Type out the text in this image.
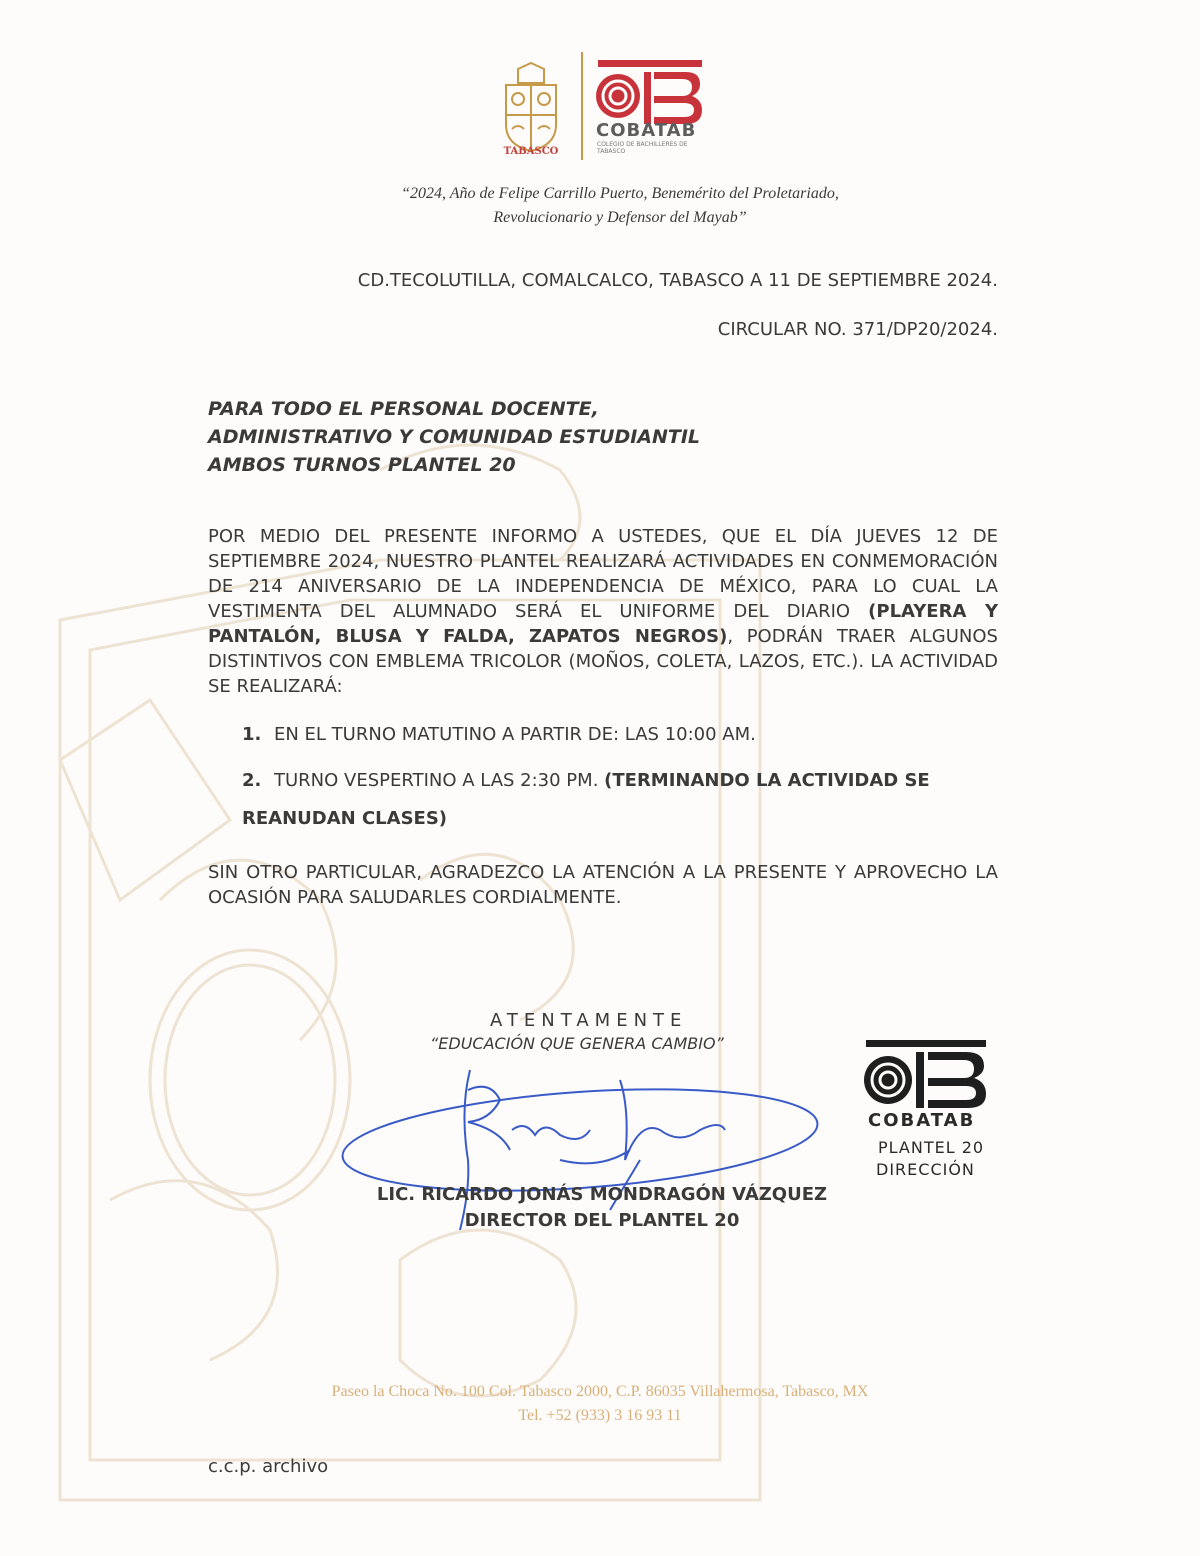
TABASCO
COBATAB
COLEGIO DE BACHILLERES DE TABASCO
“2024, Año de Felipe Carrillo Puerto, Benemérito del Proletariado,
Revolucionario y Defensor del Mayab”
CD.TECOLUTILLA, COMALCALCO, TABASCO A 11 DE SEPTIEMBRE 2024.
CIRCULAR NO. 371/DP20/2024.
PARA TODO EL PERSONAL DOCENTE,
ADMINISTRATIVO Y COMUNIDAD ESTUDIANTIL
AMBOS TURNOS PLANTEL 20
POR MEDIO DEL PRESENTE INFORMO A USTEDES, QUE EL DÍA JUEVES 12 DE SEPTIEMBRE 2024, NUESTRO PLANTEL REALIZARÁ ACTIVIDADES EN CONMEMORACIÓN DE 214 ANIVERSARIO DE LA INDEPENDENCIA DE MÉXICO, PARA LO CUAL LA VESTIMENTA DEL ALUMNADO SERÁ EL UNIFORME DEL DIARIO (PLAYERA Y PANTALÓN, BLUSA Y FALDA, ZAPATOS NEGROS), PODRÁN TRAER ALGUNOS DISTINTIVOS CON EMBLEMA TRICOLOR (MOÑOS, COLETA, LAZOS, ETC.). LA ACTIVIDAD SE REALIZARÁ:
1. EN EL TURNO MATUTINO A PARTIR DE: LAS 10:00 AM.
2. TURNO VESPERTINO A LAS 2:30 PM. (TERMINANDO LA ACTIVIDAD SE REANUDAN CLASES)
SIN OTRO PARTICULAR, AGRADEZCO LA ATENCIÓN A LA PRESENTE Y APROVECHO LA OCASIÓN PARA SALUDARLES CORDIALMENTE.
ATENTAMENTE
“EDUCACIÓN QUE GENERA CAMBIO”
LIC. RICARDO JONÁS MONDRAGÓN VÁZQUEZ
DIRECTOR DEL PLANTEL 20
COBATAB
PLANTEL 20
DIRECCIÓN
Paseo la Choca No. 100 Col. Tabasco 2000, C.P. 86035 Villahermosa, Tabasco, MX
Tel. +52 (933) 3 16 93 11
c.c.p. archivo
